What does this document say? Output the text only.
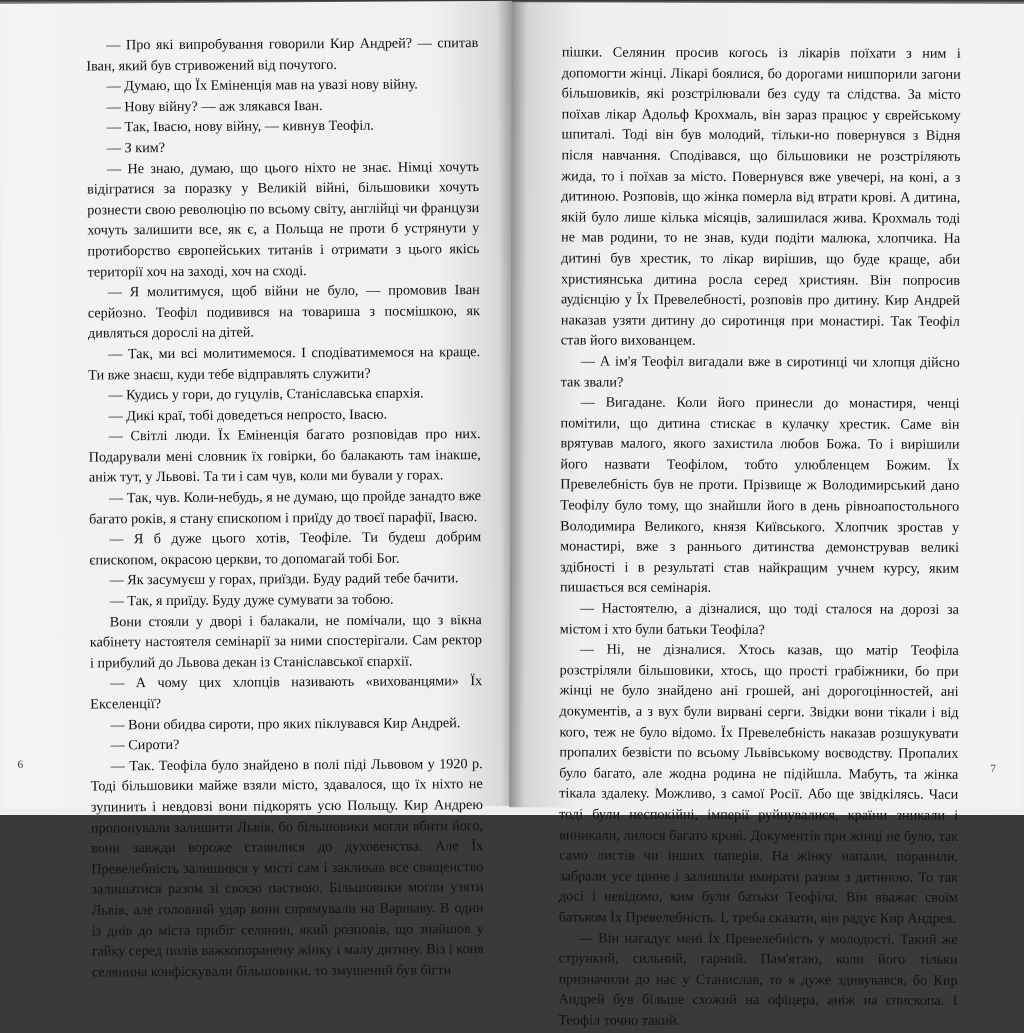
— Про які випробування говорили Кир Андрей? — спитав Іван, який був стривожений від почутого.

— Думаю, що Їх Еміненція мав на увазі нову війну.

— Нову війну? — аж злякався Іван.

— Так, Івасю, нову війну, — кивнув Теофіл.

— З ким?

— Не знаю, думаю, що цього ніхто не знає. Німці хочуть відігратися за поразку у Великій війні, більшовики хочуть рознести свою революцію по всьому світу, англійці чи французи хочуть залишити все, як є, а Польща не проти б устрянути у протиборство європейських титанів і отримати з цього якісь території хоч на заході, хоч на сході.

— Я молитимуся, щоб війни не було, — промовив Іван серйозно. Теофіл подивився на товариша з посмішкою, як дивляться дорослі на дітей.

— Так, ми всі молитимемося. І сподіватимемося на краще. Ти вже знаєш, куди тебе відправлять служити?

— Кудись у гори, до гуцулів, Станіславська єпархія.

— Дикі краї, тобі доведеться непросто, Івасю.

— Світлі люди. Їх Еміненція багато розповідав про них. Подарували мені словник їх говірки, бо балакають там інакше, аніж тут, у Львові. Та ти і сам чув, коли ми бували у горах.

— Так, чув. Коли-небудь, я не думаю, що пройде занадто вже багато років, я стану єпископом і приїду до твоєї парафії, Івасю.

— Я б дуже цього хотів, Теофіле. Ти будеш добрим єпископом, окрасою церкви, то допомагай тобі Бог.

— Як засумуєш у горах, приїзди. Буду радий тебе бачити.

— Так, я приїду. Буду дуже сумувати за тобою.

Вони стояли у дворі і балакали, не помічали, що з вікна кабінету настоятеля семінарії за ними спостерігали. Сам ректор і прибулий до Львова декан із Станіславської єпархії.

— А чому цих хлопців називають «вихованцями» Їх Екселенції?

— Вони обидва сироти, про яких піклувався Кир Андрей.

— Сироти?

— Так. Теофіла було знайдено в полі піді Львовом у 1920 р. Тоді більшовики майже взяли місто, здавалося, що їх ніхто не зупинить і невдовзі вони підкорять усю Польщу. Кир Андрею пропонували залишити Львів, бо більшовики могли вбити його, вони завжди вороже ставилися до духовенства. Але Їх Превелебність залишився у місті сам і закликав все священство залишатися разом зі своєю паствою. Більшовики могли узяти Львів, але головний удар вони спрямували на Варшаву. В один із днів до міста прибіг селянин, який розповів, що знайшов у гайку серед полів важкопоранену жінку і малу дитину. Віз і коня селянина конфіскували більшовики, то змушений був бігти

6

пішки. Селянин просив когось із лікарів поїхати з ним і допомогти жінці. Лікарі боялися, бо дорогами нишпорили загони більшовиків, які розстрілювали без суду та слідства. За місто поїхав лікар Адольф Крохмаль, він зараз працює у єврейському шпиталі. Тоді він був молодий, тільки-но повернувся з Відня після навчання. Сподівався, що більшовики не розстріляють жида, то і поїхав за місто. Повернувся вже увечері, на коні, а з дитиною. Розповів, що жінка померла від втрати крові. А дитина, якій було лише кілька місяців, залишилася жива. Крохмаль тоді не мав родини, то не знав, куди подіти малюка, хлопчика. На дитині був хрестик, то лікар вирішив, що буде краще, аби християнська дитина росла серед християн. Він попросив аудієнцію у Їх Превелебності, розповів про дитину. Кир Андрей наказав узяти дитину до сиротинця при монастирі. Так Теофіл став його вихованцем.

— А ім'я Теофіл вигадали вже в сиротинці чи хлопця дійсно так звали?

— Вигадане. Коли його принесли до монастиря, ченці помітили, що дитина стискає в кулачку хрестик. Саме він врятував малого, якого захистила любов Божа. То і вирішили його назвати Теофілом, тобто улюбленцем Божим. Їх Превелебність був не проти. Прізвище ж Володимирський дано Теофілу було тому, що знайшли його в день рівноапостольного Володимира Великого, князя Київського. Хлопчик зростав у монастирі, вже з раннього дитинства демонстрував великі здібності і в результаті став найкращим учнем курсу, яким пишається вся семінарія.

— Настоятелю, а дізналися, що тоді сталося на дорозі за містом і хто були батьки Теофіла?

— Ні, не дізналися. Хтось казав, що матір Теофіла розстріляли більшовики, хтось, що прості грабіжники, бо при жінці не було знайдено ані грошей, ані дорогоцінностей, ані документів, а з вух були вирвані серги. Звідки вони тікали і від кого, теж не було відомо. Їх Превелебність наказав розшукувати пропалих безвісти по всьому Львівському воєводству. Пропалих було багато, але жодна родина не підійшла. Мабуть, та жінка тікала здалеку. Можливо, з самої Росії. Або ще звідкілясь. Часи тоді були неспокійні, імперії руйнувалися, країни зникали і виникали, лилося багато крові. Документів при жінці не було, так само листів чи інших паперів. На жінку напали, поранили, забрали усе цінне і залишили вмирати разом з дитиною. То так досі і невідомо, ким були батьки Теофіла. Він вважає своїм батьком Їх Превелебність. І, треба сказати, він радує Кир Андрея.

— Він нагадує мені Їх Превелебність у молодості. Такий же стрункий, сильний, гарний. Пам'ятаю, коли його тільки призначили до нас у Станислав, то я дуже здивувався, бо Кир Андрей був більше схожий на офіцера, аніж на єпископа. І Теофіл точно такий.

7
